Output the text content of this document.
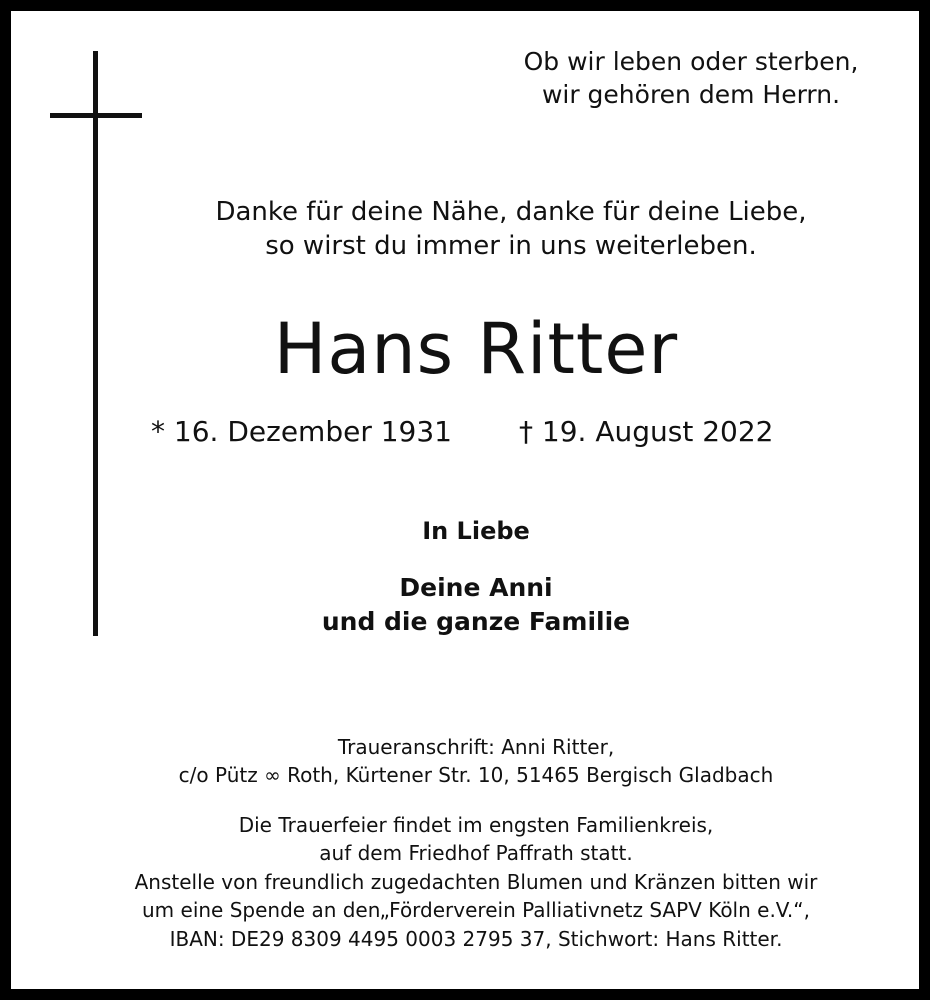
Ob wir leben oder sterben,
wir gehören dem Herrn.
Danke für deine Nähe, danke für deine Liebe,
so wirst du immer in uns weiterleben.
Hans Ritter
* 16. Dezember 1931	† 19. August 2022
In Liebe
Deine Anni
und die ganze Familie
Traueranschrift: Anni Ritter,
c/o Pütz ∞ Roth, Kürtener Str. 10, 51465 Bergisch Gladbach
Die Trauerfeier findet im engsten Familienkreis,
auf dem Friedhof Paffrath statt.
Anstelle von freundlich zugedachten Blumen und Kränzen bitten wir
um eine Spende an den„Förderverein Palliativnetz SAPV Köln e.V.“,
IBAN: DE29 8309 4495 0003 2795 37, Stichwort: Hans Ritter.
